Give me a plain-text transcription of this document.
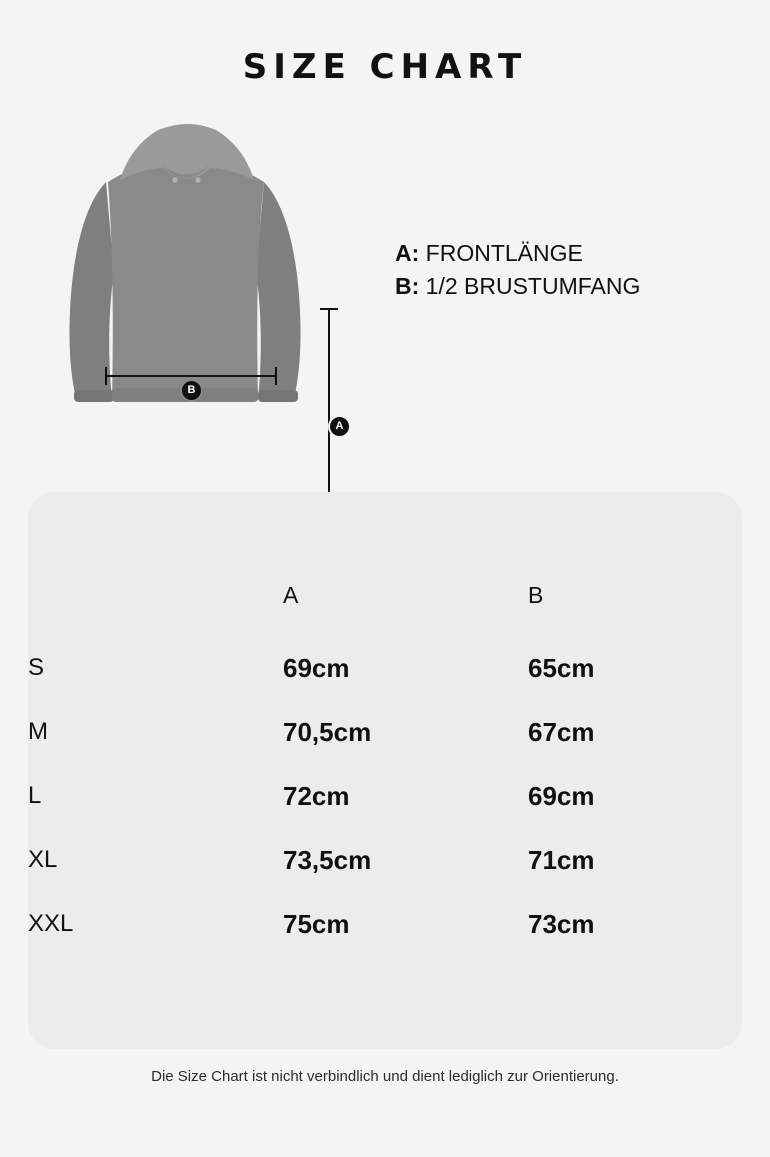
SIZE CHART
A
B
A: FRONTLÄNGE
B: 1/2 BRUSTUMFANG
	A	B
S	69cm	65cm
M	70,5cm	67cm
L	72cm	69cm
XL	73,5cm	71cm
XXL	75cm	73cm
Die Size Chart ist nicht verbindlich und dient lediglich zur Orientierung.
